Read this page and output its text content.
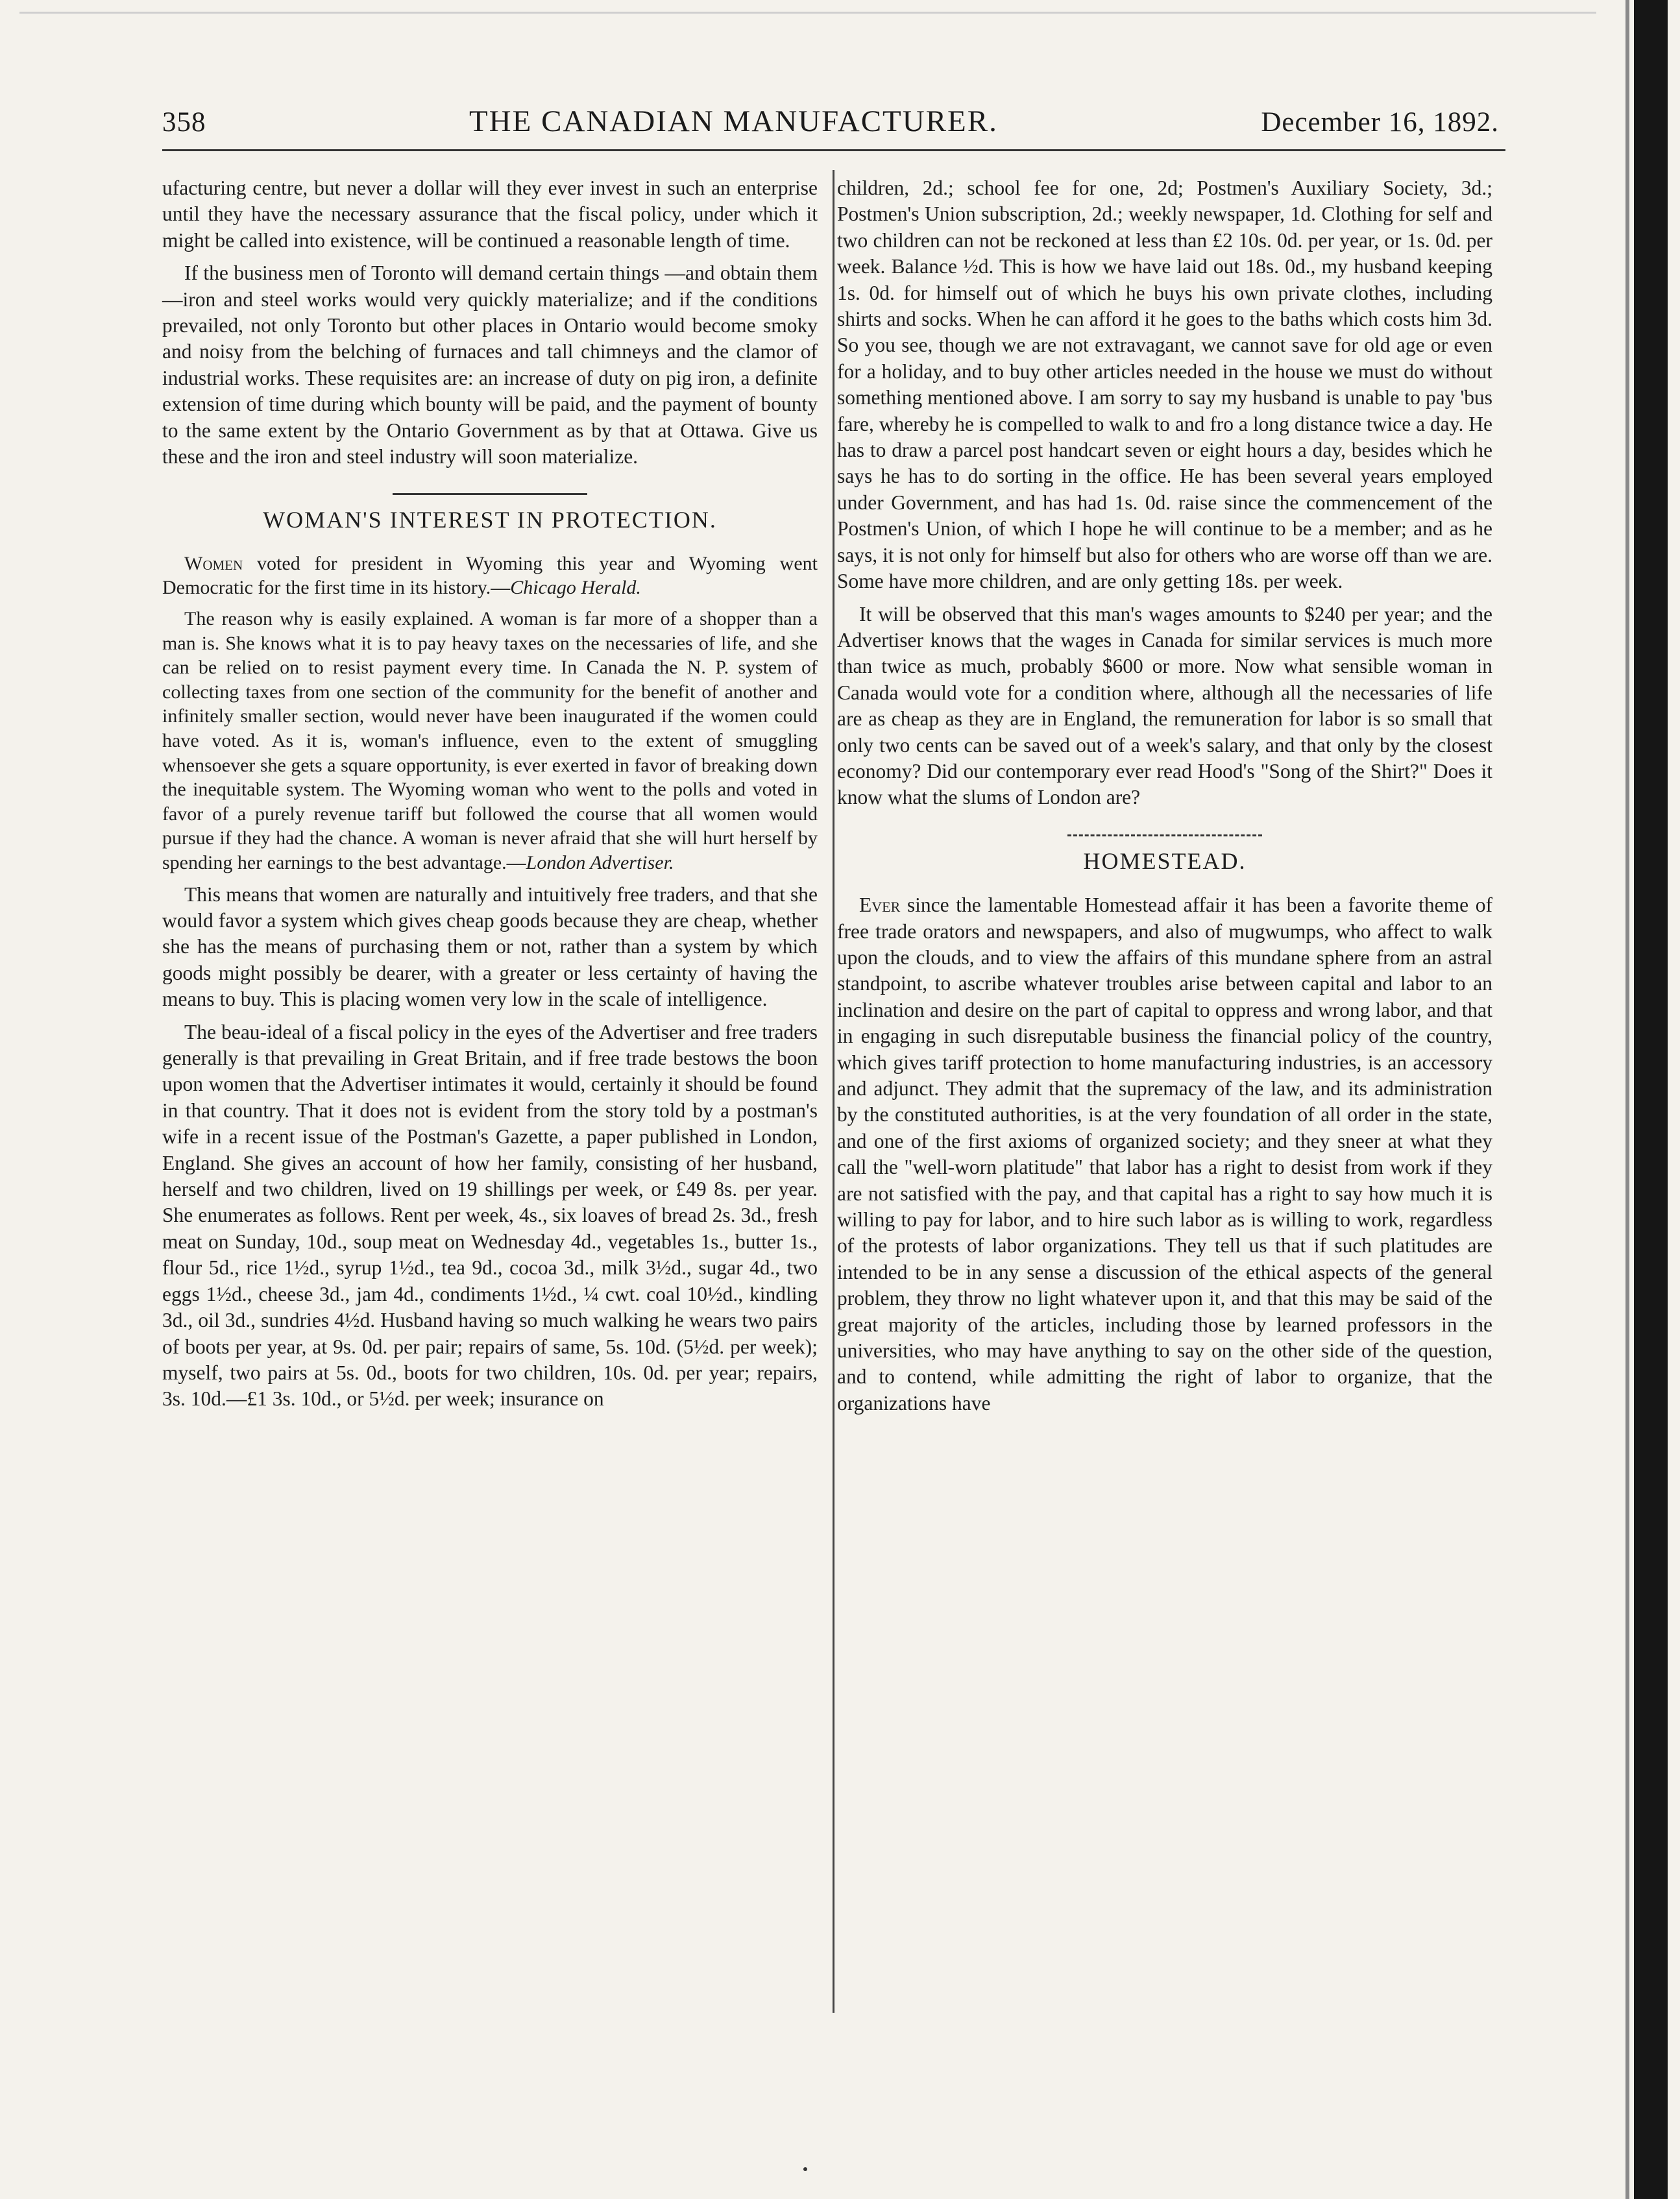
358	THE CANADIAN MANUFACTURER.	December 16, 1892.

ufacturing centre, but never a dollar will they ever invest in such an enterprise until they have the necessary assurance that the fiscal policy, under which it might be called into existence, will be continued a reasonable length of time.

If the business men of Toronto will demand certain things —and obtain them—iron and steel works would very quickly materialize; and if the conditions prevailed, not only Toronto but other places in Ontario would become smoky and noisy from the belching of furnaces and tall chimneys and the clamor of industrial works. These requisites are: an increase of duty on pig iron, a definite extension of time during which bounty will be paid, and the payment of bounty to the same extent by the Ontario Government as by that at Ottawa. Give us these and the iron and steel industry will soon materialize.

WOMAN'S INTEREST IN PROTECTION.

Women voted for president in Wyoming this year and Wyoming went Democratic for the first time in its history.—Chicago Herald.

The reason why is easily explained. A woman is far more of a shopper than a man is. She knows what it is to pay heavy taxes on the necessaries of life, and she can be relied on to resist payment every time. In Canada the N. P. system of collecting taxes from one section of the community for the benefit of another and infinitely smaller section, would never have been inaugurated if the women could have voted. As it is, woman's influence, even to the extent of smuggling whensoever she gets a square opportunity, is ever exerted in favor of breaking down the inequitable system. The Wyoming woman who went to the polls and voted in favor of a purely revenue tariff but followed the course that all women would pursue if they had the chance. A woman is never afraid that she will hurt herself by spending her earnings to the best advantage.—London Advertiser.

This means that women are naturally and intuitively free traders, and that she would favor a system which gives cheap goods because they are cheap, whether she has the means of purchasing them or not, rather than a system by which goods might possibly be dearer, with a greater or less certainty of having the means to buy. This is placing women very low in the scale of intelligence.

The beau-ideal of a fiscal policy in the eyes of the Advertiser and free traders generally is that prevailing in Great Britain, and if free trade bestows the boon upon women that the Advertiser intimates it would, certainly it should be found in that country. That it does not is evident from the story told by a postman's wife in a recent issue of the Postman's Gazette, a paper published in London, England. She gives an account of how her family, consisting of her husband, herself and two children, lived on 19 shillings per week, or £49 8s. per year. She enumerates as follows. Rent per week, 4s., six loaves of bread 2s. 3d., fresh meat on Sunday, 10d., soup meat on Wednesday 4d., vegetables 1s., butter 1s., flour 5d., rice 1½d., syrup 1½d., tea 9d., cocoa 3d., milk 3½d., sugar 4d., two eggs 1½d., cheese 3d., jam 4d., condiments 1½d., ¼ cwt. coal 10½d., kindling 3d., oil 3d., sundries 4½d. Husband having so much walking he wears two pairs of boots per year, at 9s. 0d. per pair; repairs of same, 5s. 10d. (5½d. per week); myself, two pairs at 5s. 0d., boots for two children, 10s. 0d. per year; repairs, 3s. 10d.—£1 3s. 10d., or 5½d. per week; insurance on

children, 2d.; school fee for one, 2d; Postmen's Auxiliary Society, 3d.; Postmen's Union subscription, 2d.; weekly newspaper, 1d. Clothing for self and two children can not be reckoned at less than £2 10s. 0d. per year, or 1s. 0d. per week. Balance ½d. This is how we have laid out 18s. 0d., my husband keeping 1s. 0d. for himself out of which he buys his own private clothes, including shirts and socks. When he can afford it he goes to the baths which costs him 3d. So you see, though we are not extravagant, we cannot save for old age or even for a holiday, and to buy other articles needed in the house we must do without something mentioned above. I am sorry to say my husband is unable to pay 'bus fare, whereby he is compelled to walk to and fro a long distance twice a day. He has to draw a parcel post handcart seven or eight hours a day, besides which he says he has to do sorting in the office. He has been several years employed under Government, and has had 1s. 0d. raise since the commencement of the Postmen's Union, of which I hope he will continue to be a member; and as he says, it is not only for himself but also for others who are worse off than we are. Some have more children, and are only getting 18s. per week.

It will be observed that this man's wages amounts to $240 per year; and the Advertiser knows that the wages in Canada for similar services is much more than twice as much, probably $600 or more. Now what sensible woman in Canada would vote for a condition where, although all the necessaries of life are as cheap as they are in England, the remuneration for labor is so small that only two cents can be saved out of a week's salary, and that only by the closest economy? Did our contemporary ever read Hood's "Song of the Shirt?" Does it know what the slums of London are?

HOMESTEAD.

Ever since the lamentable Homestead affair it has been a favorite theme of free trade orators and newspapers, and also of mugwumps, who affect to walk upon the clouds, and to view the affairs of this mundane sphere from an astral standpoint, to ascribe whatever troubles arise between capital and labor to an inclination and desire on the part of capital to oppress and wrong labor, and that in engaging in such disreputable business the financial policy of the country, which gives tariff protection to home manufacturing industries, is an accessory and adjunct. They admit that the supremacy of the law, and its administration by the constituted authorities, is at the very foundation of all order in the state, and one of the first axioms of organized society; and they sneer at what they call the "well-worn platitude" that labor has a right to desist from work if they are not satisfied with the pay, and that capital has a right to say how much it is willing to pay for labor, and to hire such labor as is willing to work, regardless of the protests of labor organizations. They tell us that if such platitudes are intended to be in any sense a discussion of the ethical aspects of the general problem, they throw no light whatever upon it, and that this may be said of the great majority of the articles, including those by learned professors in the universities, who may have anything to say on the other side of the question, and to contend, while admitting the right of labor to organize, that the organizations have
